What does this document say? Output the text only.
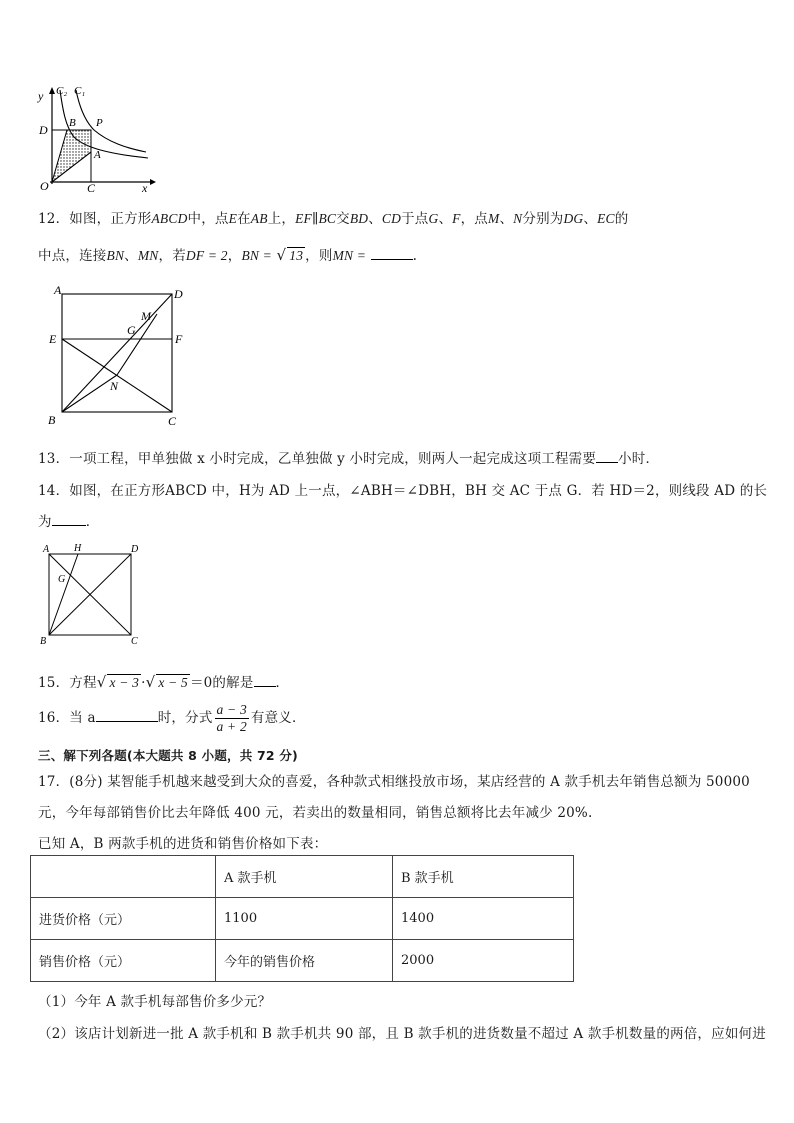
y C₂ C₁
D B P
A
O	C	x
12．如图，正方形ABCD中，点E在AB上，EF∥BC交BD、CD于点G、F，点M、N分别为DG、EC的
中点，连接BN、MN，若DF = 2，BN = √ 13 ，则MN =	.
A	D
E	F
M
G
N
B	C
13．一项工程，甲单独做 x 小时完成，乙单独做 y 小时完成，则两人一起完成这项工程需要 小时．
14．如图，在正方形ABCD 中，H为 AD 上一点，∠ABH＝∠DBH，BH 交 AC 于点 G．若 HD＝2，则线段 AD 的长
为	．
A H	D
G
B	C
15．方程√ x − 3 ·√ x − 5 ＝0的解是 ．
16．当 a	时，分式 $\frac{a - 3}{a + 2}$ 有意义．
三、解下列各题(本大题共 8 小题，共 72 分)
17．(8分) 某智能手机越来越受到大众的喜爱，各种款式相继投放市场，某店经营的 A 款手机去年销售总额为 50000
元，今年每部销售价比去年降低 400 元，若卖出的数量相同，销售总额将比去年减少 20%.
已知 A，B 两款手机的进货和销售价格如下表：
	A 款手机	B 款手机
进货价格（元）	1100	1400
销售价格（元）	今年的销售价格	2000
（1）今年 A 款手机每部售价多少元？
（2）该店计划新进一批 A 款手机和 B 款手机共 90 部，且 B 款手机的进货数量不超过 A 款手机数量的两倍，应如何进
